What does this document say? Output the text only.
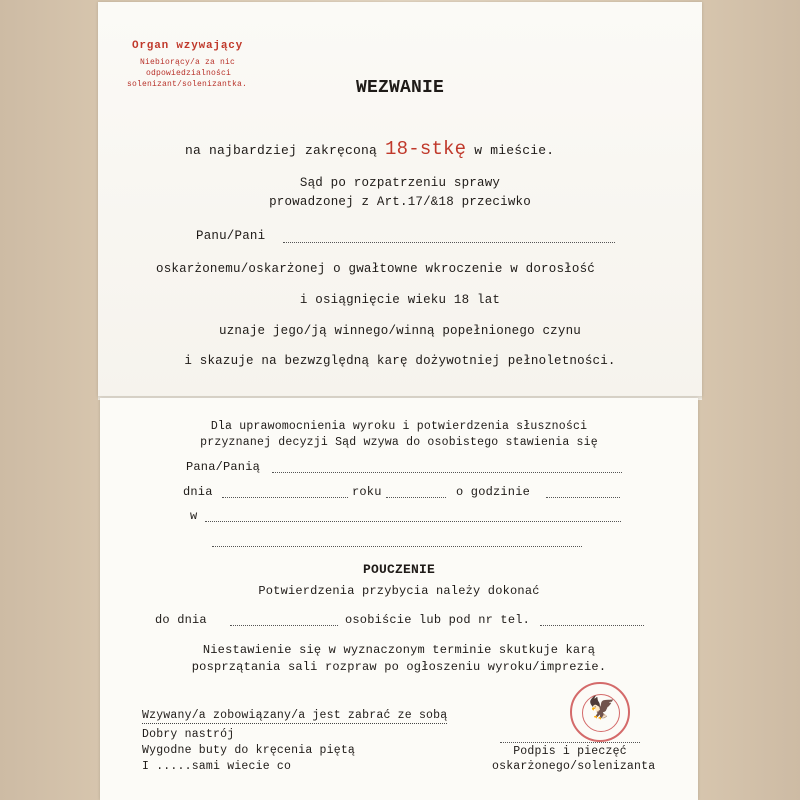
Organ wzywający
Niebiorący/a za nic
odpowiedzialności
solenizant/solenizantka.	WEZWANIE
na najbardziej zakręconą 18-stkę w mieście.
Sąd po rozpatrzeniu sprawy
prowadzonej z Art.17/&18 przeciwko
Panu/Pani
oskarżonemu/oskarżonej o gwałtowne wkroczenie w dorosłość
i osiągnięcie wieku 18 lat
uznaje jego/ją winnego/winną popełnionego czynu
i skazuje na bezwzględną karę dożywotniej pełnoletności.
Dla uprawomocnienia wyroku i potwierdzenia słuszności
przyznanej decyzji Sąd wzywa do osobistego stawienia się
Pana/Panią
dnia	roku	o godzinie
w
POUCZENIE
Potwierdzenia przybycia należy dokonać
do dnia	osobiście lub pod nr tel.
Niestawienie się w wyznaczonym terminie skutkuje karą
posprzątania sali rozpraw po ogłoszeniu wyroku/imprezie.
Wzywany/a zobowiązany/a jest zabrać ze sobą
Dobry nastrój
Wygodne buty do kręcenia piętą
I .....sami wiecie co
🦅
Podpis i pieczęć
oskarżonego/solenizanta
